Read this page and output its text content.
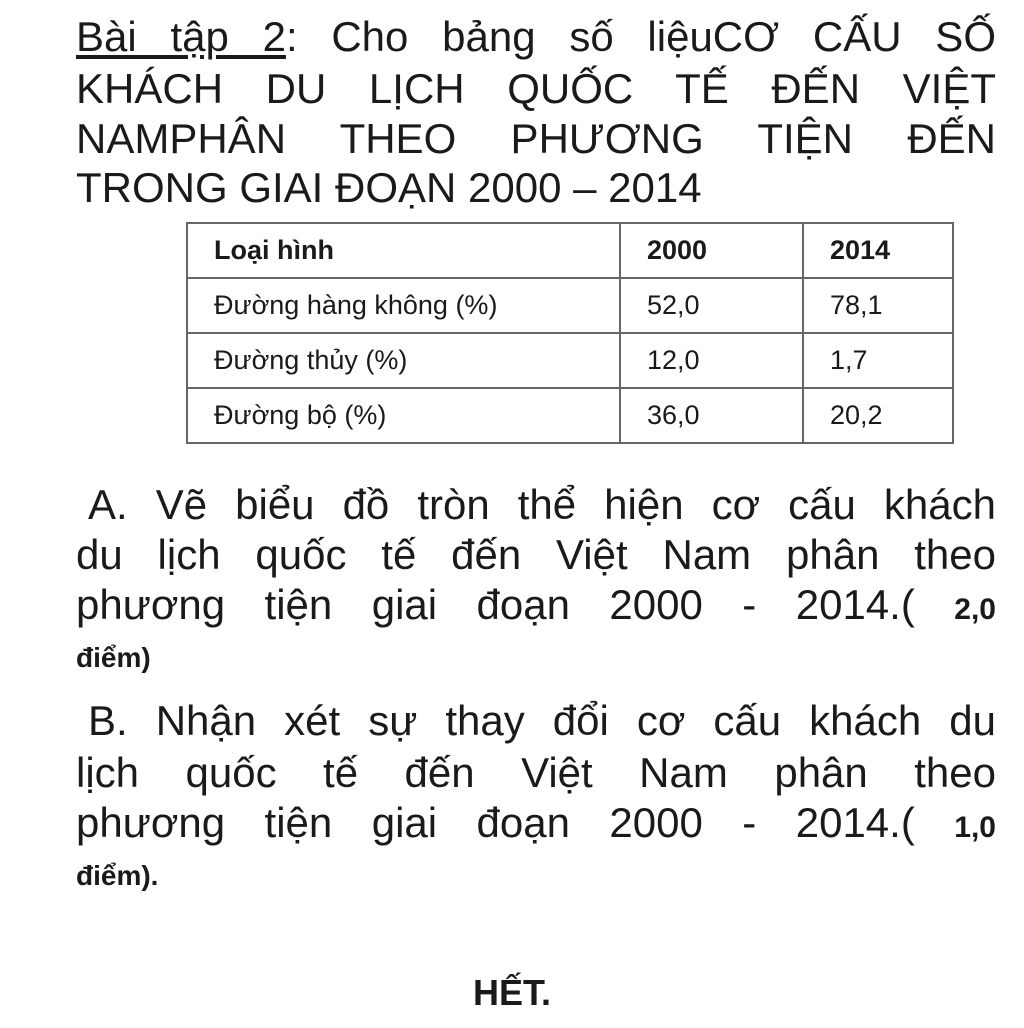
Bài tập 2: Cho bảng số liệuCƠ CẤU SỐ
KHÁCH DU LỊCH QUỐC TẾ ĐẾN VIỆT
NAMPHÂN THEO PHƯƠNG TIỆN ĐẾN
TRONG GIAI ĐOẠN 2000 – 2014
Loại hình	2000	2014
Đường hàng không (%)	52,0	78,1
Đường thủy (%)	12,0	1,7
Đường bộ (%)	36,0	20,2
A. Vẽ biểu đồ tròn thể hiện cơ cấu khách
du lịch quốc tế đến Việt Nam phân theo
phương tiện giai đoạn 2000 - 2014.( 2,0
điểm)
B. Nhận xét sự thay đổi cơ cấu khách du
lịch quốc tế đến Việt Nam phân theo
phương tiện giai đoạn 2000 - 2014.( 1,0
điểm).
HẾT.
